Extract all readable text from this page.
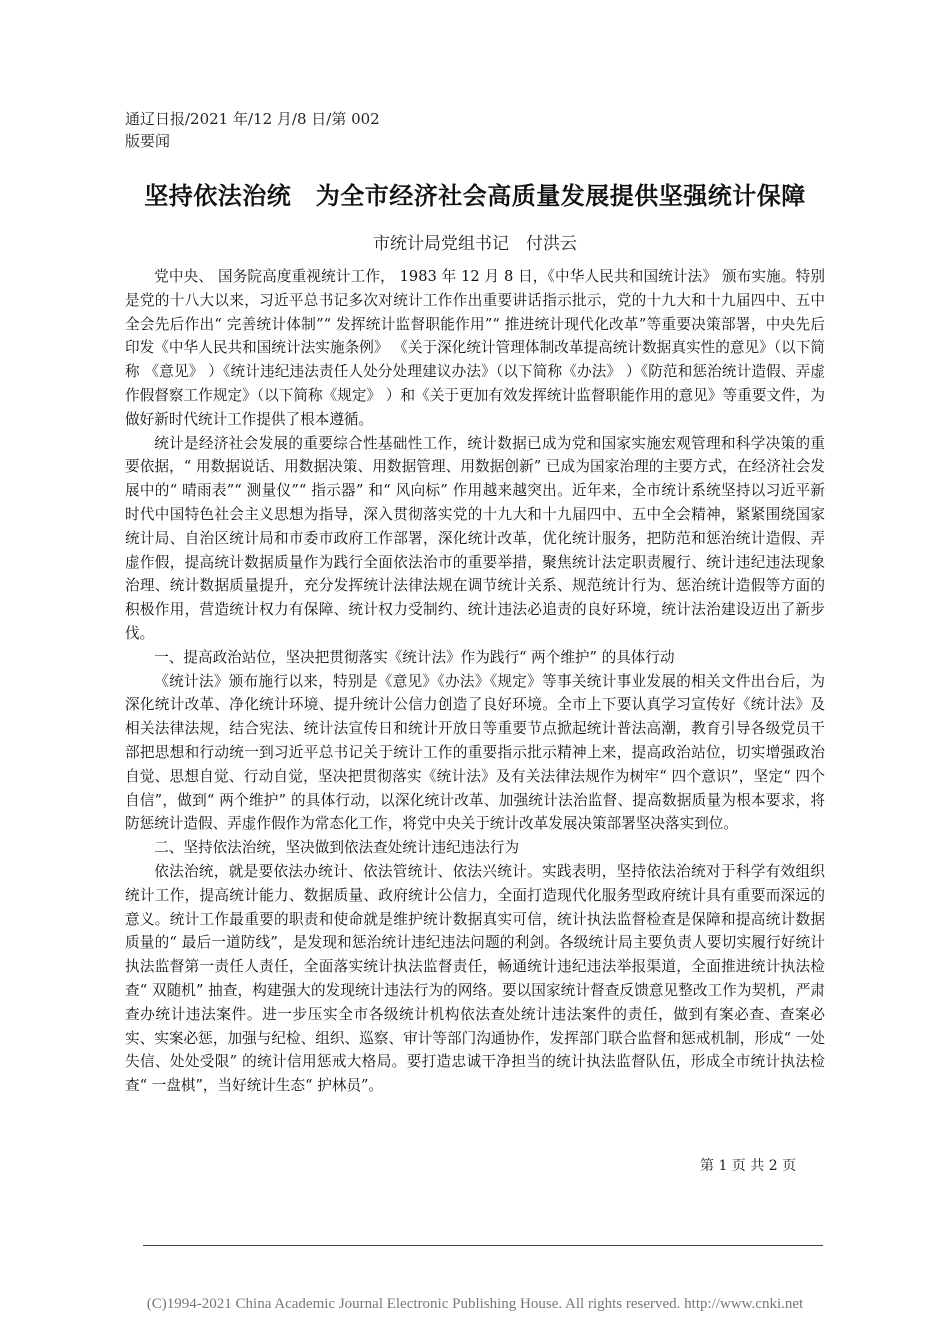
通辽日报/2021 年/12 月/8 日/第 002
版要闻
坚持依法治统　为全市经济社会高质量发展提供坚强统计保障
市统计局党组书记　付洪云

党中央、 国务院高度重视统计工作， 1983 年 12 月 8 日，《中华人民共和国统计法》 颁布实施。特别是党的十八大以来，习近平总书记多次对统计工作作出重要讲话指示批示，党的十九大和十九届四中、五中全会先后作出“ 完善统计体制”“ 发挥统计监督职能作用”“ 推进统计现代化改革”等重要决策部署，中央先后印发《中华人民共和国统计法实施条例》 《关于深化统计管理体制改革提高统计数据真实性的意见》（以下简称 《意见》 ）《统计违纪违法责任人处分处理建议办法》（以下简称《办法》 ）《防范和惩治统计造假、弄虚作假督察工作规定》（以下简称《规定》 ）和《关于更加有效发挥统计监督职能作用的意见》等重要文件，为做好新时代统计工作提供了根本遵循。

统计是经济社会发展的重要综合性基础性工作，统计数据已成为党和国家实施宏观管理和科学决策的重要依据，“ 用数据说话、用数据决策、用数据管理、用数据创新” 已成为国家治理的主要方式，在经济社会发展中的“ 晴雨表”“ 测量仪”“ 指示器” 和“ 风向标” 作用越来越突出。近年来，全市统计系统坚持以习近平新时代中国特色社会主义思想为指导，深入贯彻落实党的十九大和十九届四中、五中全会精神，紧紧围绕国家统计局、自治区统计局和市委市政府工作部署，深化统计改革，优化统计服务，把防范和惩治统计造假、弄虚作假，提高统计数据质量作为践行全面依法治市的重要举措，聚焦统计法定职责履行、统计违纪违法现象治理、统计数据质量提升，充分发挥统计法律法规在调节统计关系、规范统计行为、惩治统计造假等方面的积极作用，营造统计权力有保障、统计权力受制约、统计违法必追责的良好环境，统计法治建设迈出了新步伐。

一、提高政治站位，坚决把贯彻落实《统计法》作为践行“ 两个维护” 的具体行动

《统计法》颁布施行以来，特别是《意见》《办法》《规定》等事关统计事业发展的相关文件出台后，为深化统计改革、净化统计环境、提升统计公信力创造了良好环境。全市上下要认真学习宣传好《统计法》及相关法律法规，结合宪法、统计法宣传日和统计开放日等重要节点掀起统计普法高潮，教育引导各级党员干部把思想和行动统一到习近平总书记关于统计工作的重要指示批示精神上来，提高政治站位，切实增强政治自觉、思想自觉、行动自觉，坚决把贯彻落实《统计法》及有关法律法规作为树牢“ 四个意识”，坚定“ 四个自信”，做到“ 两个维护” 的具体行动，以深化统计改革、加强统计法治监督、提高数据质量为根本要求，将防惩统计造假、弄虚作假作为常态化工作，将党中央关于统计改革发展决策部署坚决落实到位。

二、坚持依法治统，坚决做到依法查处统计违纪违法行为

依法治统，就是要依法办统计、依法管统计、依法兴统计。实践表明，坚持依法治统对于科学有效组织统计工作，提高统计能力、数据质量、政府统计公信力，全面打造现代化服务型政府统计具有重要而深远的意义。统计工作最重要的职责和使命就是维护统计数据真实可信，统计执法监督检查是保障和提高统计数据质量的“ 最后一道防线”，是发现和惩治统计违纪违法问题的利剑。各级统计局主要负责人要切实履行好统计执法监督第一责任人责任，全面落实统计执法监督责任，畅通统计违纪违法举报渠道，全面推进统计执法检查“ 双随机” 抽查，构建强大的发现统计违法行为的网络。要以国家统计督查反馈意见整改工作为契机，严肃查办统计违法案件。进一步压实全市各级统计机构依法查处统计违法案件的责任，做到有案必查、查案必实、实案必惩，加强与纪检、组织、巡察、审计等部门沟通协作，发挥部门联合监督和惩戒机制，形成“ 一处失信、处处受限” 的统计信用惩戒大格局。要打造忠诚干净担当的统计执法监督队伍，形成全市统计执法检查“ 一盘棋”，当好统计生态“ 护林员”。

第 1 页 共 2 页
(C)1994-2021 China Academic Journal Electronic Publishing House. All rights reserved. http://www.cnki.net
